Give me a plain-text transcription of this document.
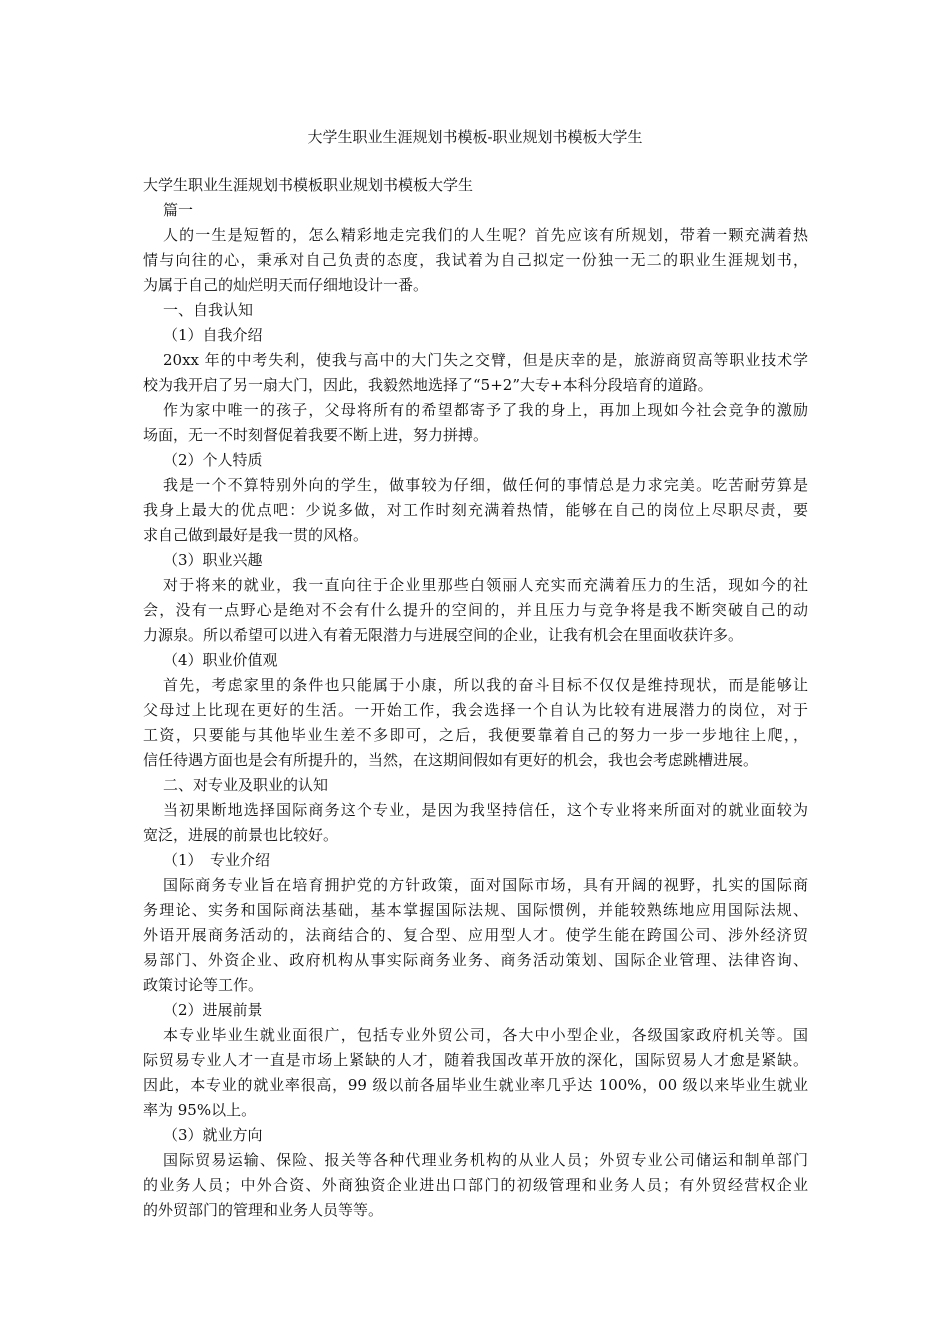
大学生职业生涯规划书模板-职业规划书模板大学生
大学生职业生涯规划书模板职业规划书模板大学生
篇一
人的一生是短暂的，怎么精彩地走完我们的人生呢？首先应该有所规划，带着一颗充满着热
情与向往的心，秉承对自己负责的态度，我试着为自己拟定一份独一无二的职业生涯规划书，
为属于自己的灿烂明天而仔细地设计一番。
一、自我认知
（1）自我介绍
20xx 年的中考失利，使我与高中的大门失之交臂，但是庆幸的是，旅游商贸高等职业技术学
校为我开启了另一扇大门，因此，我毅然地选择了“5+2”大专+本科分段培育的道路。
作为家中唯一的孩子，父母将所有的希望都寄予了我的身上，再加上现如今社会竞争的激励
场面，无一不时刻督促着我要不断上进，努力拼搏。
（2）个人特质
我是一个不算特别外向的学生，做事较为仔细，做任何的事情总是力求完美。吃苦耐劳算是
我身上最大的优点吧：少说多做，对工作时刻充满着热情，能够在自己的岗位上尽职尽责，要
求自己做到最好是我一贯的风格。
（3）职业兴趣
对于将来的就业，我一直向往于企业里那些白领丽人充实而充满着压力的生活，现如今的社
会，没有一点野心是绝对不会有什么提升的空间的，并且压力与竞争将是我不断突破自己的动
力源泉。所以希望可以进入有着无限潜力与进展空间的企业，让我有机会在里面收获许多。
（4）职业价值观
首先，考虑家里的条件也只能属于小康，所以我的奋斗目标不仅仅是维持现状，而是能够让
父母过上比现在更好的生活。一开始工作，我会选择一个自认为比较有进展潜力的岗位，对于
工资，只要能与其他毕业生差不多即可，之后，我便要靠着自己的努力一步一步地往上爬，，
信任待遇方面也是会有所提升的，当然，在这期间假如有更好的机会，我也会考虑跳槽进展。
二、对专业及职业的认知
当初果断地选择国际商务这个专业，是因为我坚持信任，这个专业将来所面对的就业面较为
宽泛，进展的前景也比较好。
（1）　专业介绍
国际商务专业旨在培育拥护党的方针政策，面对国际市场，具有开阔的视野，扎实的国际商
务理论、实务和国际商法基础，基本掌握国际法规、国际惯例，并能较熟练地应用国际法规、
外语开展商务活动的，法商结合的、复合型、应用型人才。使学生能在跨国公司、涉外经济贸
易部门、外资企业、政府机构从事实际商务业务、商务活动策划、国际企业管理、法律咨询、
政策讨论等工作。
（2）进展前景
本专业毕业生就业面很广，包括专业外贸公司，各大中小型企业，各级国家政府机关等。国
际贸易专业人才一直是市场上紧缺的人才，随着我国改革开放的深化，国际贸易人才愈是紧缺。
因此，本专业的就业率很高，99 级以前各届毕业生就业率几乎达 100%，00 级以来毕业生就业
率为 95%以上。
（3）就业方向
国际贸易运输、保险、报关等各种代理业务机构的从业人员；外贸专业公司储运和制单部门
的业务人员；中外合资、外商独资企业进出口部门的初级管理和业务人员；有外贸经营权企业
的外贸部门的管理和业务人员等等。
